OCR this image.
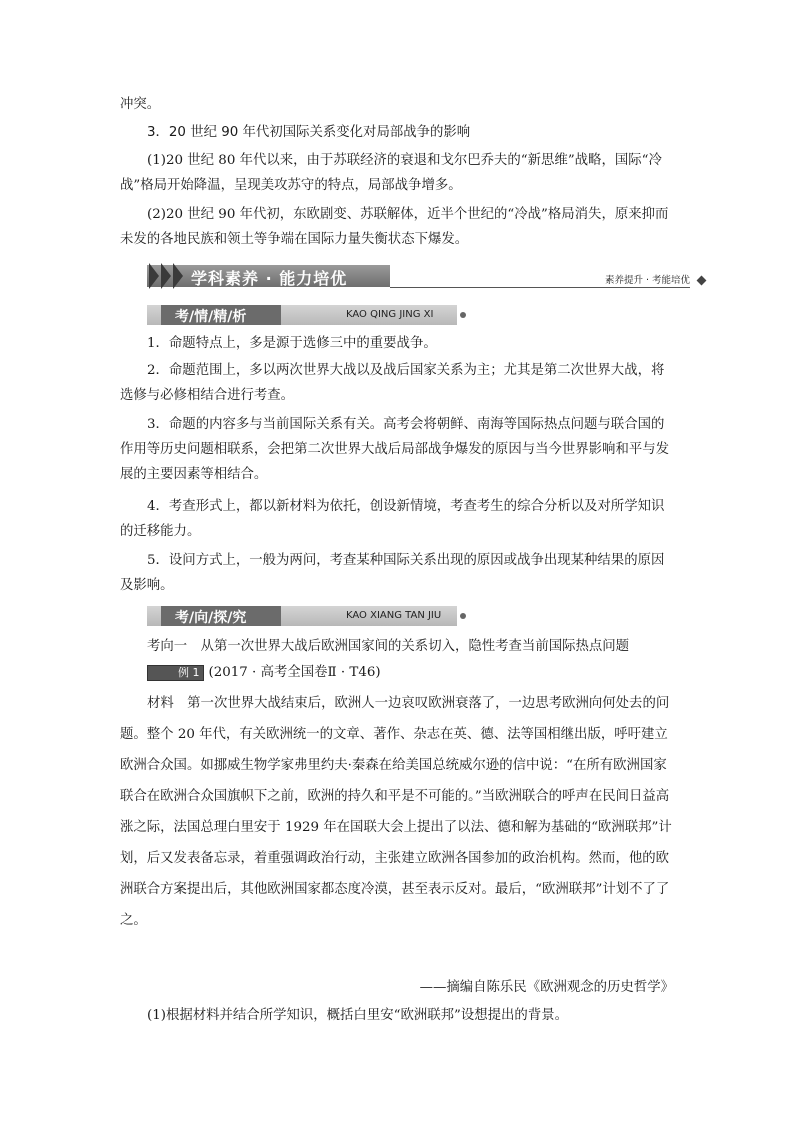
冲突。

3．20 世纪 90 年代初国际关系变化对局部战争的影响

(1)20 世纪 80 年代以来，由于苏联经济的衰退和戈尔巴乔夫的“新思维”战略，国际“冷战”格局开始降温，呈现美攻苏守的特点，局部战争增多。

(2)20 世纪 90 年代初，东欧剧变、苏联解体，近半个世纪的“冷战”格局消失，原来抑而未发的各地民族和领土等争端在国际力量失衡状态下爆发。

学科素养 · 能力培优	素养提升 · 考能培优
考/情/精/析	KAO QING JING XI

1．命题特点上，多是源于选修三中的重要战争。

2．命题范围上，多以两次世界大战以及战后国家关系为主；尤其是第二次世界大战，将选修与必修相结合进行考查。

3．命题的内容多与当前国际关系有关。高考会将朝鲜、南海等国际热点问题与联合国的作用等历史问题相联系，会把第二次世界大战后局部战争爆发的原因与当今世界影响和平与发展的主要因素等相结合。

4．考查形式上，都以新材料为依托，创设新情境，考查考生的综合分析以及对所学知识的迁移能力。

5．设问方式上，一般为两问，考查某种国际关系出现的原因或战争出现某种结果的原因及影响。

考/向/探/究	KAO XIANG TAN JIU

考向一　从第一次世界大战后欧洲国家间的关系切入，隐性考查当前国际热点问题

例 1 (2017 · 高考全国卷Ⅱ · T46)

材料　第一次世界大战结束后，欧洲人一边哀叹欧洲衰落了，一边思考欧洲向何处去的问题。整个 20 年代，有关欧洲统一的文章、著作、杂志在英、德、法等国相继出版，呼吁建立欧洲合众国。如挪威生物学家弗里约夫·秦森在给美国总统威尔逊的信中说：“在所有欧洲国家联合在欧洲合众国旗帜下之前，欧洲的持久和平是不可能的。”当欧洲联合的呼声在民间日益高涨之际，法国总理白里安于 1929 年在国联大会上提出了以法、德和解为基础的“欧洲联邦”计划，后又发表备忘录，着重强调政治行动，主张建立欧洲各国参加的政治机构。然而，他的欧洲联合方案提出后，其他欧洲国家都态度冷漠，甚至表示反对。最后，“欧洲联邦”计划不了了之。

——摘编自陈乐民《欧洲观念的历史哲学》

(1)根据材料并结合所学知识，概括白里安“欧洲联邦”设想提出的背景。
